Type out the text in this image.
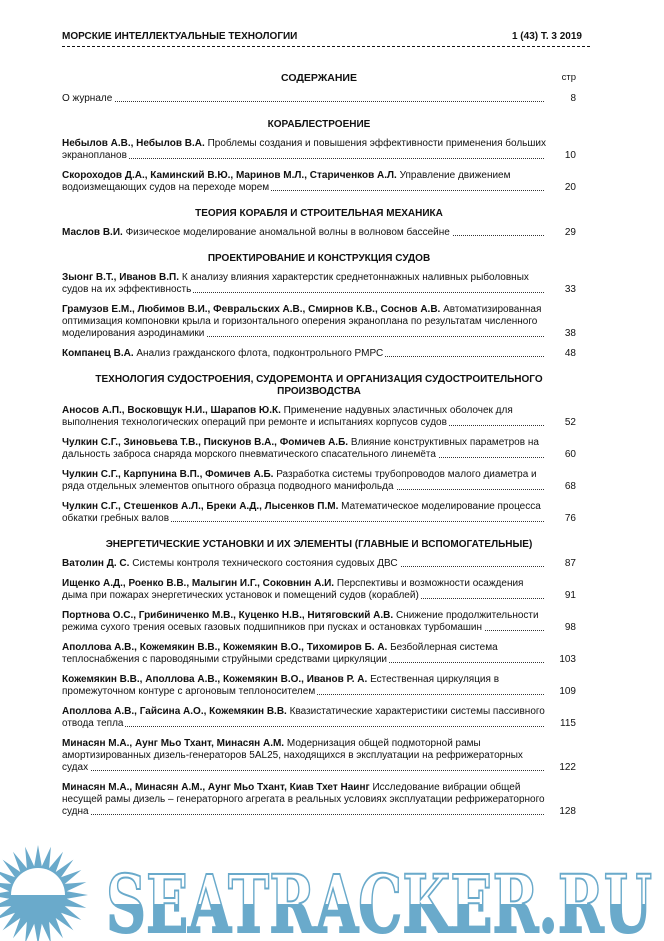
МОРСКИЕ ИНТЕЛЛЕКТУАЛЬНЫЕ ТЕХНОЛОГИИ	1 (43) Т. 3 2019
СОДЕРЖАНИЕ	стр
О журнале	8
КОРАБЛЕСТРОЕНИЕ
Небылов А.В., Небылов В.А. Проблемы создания и повышения эффективности применения больших экранопланов	10
Скороходов Д.А., Каминский В.Ю., Маринов М.Л., Стариченков А.Л. Управление движением водоизмещающих судов на переходе морем	20
ТЕОРИЯ КОРАБЛЯ И СТРОИТЕЛЬНАЯ МЕХАНИКА
Маслов В.И. Физическое моделирование аномальной волны в волновом бассейне	29
ПРОЕКТИРОВАНИЕ И КОНСТРУКЦИЯ СУДОВ
Зыонг В.Т., Иванов В.П. К анализу влияния характерстик среднетоннажных наливных рыболовных судов на их эффективность	33
Грамузов Е.М., Любимов В.И., Февральских А.В., Смирнов К.В., Соснов А.В. Автоматизированная оптимизация компоновки крыла и горизонтального оперения экраноплана по результатам численного моделирования аэродинамики	38
Компанец В.А. Анализ гражданского флота, подконтрольного РМРС	48
ТЕХНОЛОГИЯ СУДОСТРОЕНИЯ, СУДОРЕМОНТА И ОРГАНИЗАЦИЯ СУДОСТРОИТЕЛЬНОГО ПРОИЗВОДСТВА
Аносов А.П., Восковщук Н.И., Шарапов Ю.К. Применение надувных эластичных оболочек для выполнения технологических операций при ремонте и испытаниях корпусов судов	52
Чулкин С.Г., Зиновьева Т.В., Пискунов В.А., Фомичев А.Б. Влияние конструктивных параметров на дальность заброса снаряда морского пневматического спасательного линемёта	60
Чулкин С.Г., Карпунина В.П., Фомичев А.Б. Разработка системы трубопроводов малого диаметра и ряда отдельных элементов опытного образца подводного манифольда	68
Чулкин С.Г., Стешенков А.Л., Бреки А.Д., Лысенков П.М. Математическое моделирование процесса обкатки гребных валов	76
ЭНЕРГЕТИЧЕСКИЕ УСТАНОВКИ И ИХ ЭЛЕМЕНТЫ (ГЛАВНЫЕ И ВСПОМОГАТЕЛЬНЫЕ)
Ватолин Д. С. Системы контроля технического состояния судовых ДВС	87
Ищенко А.Д., Роенко В.В., Малыгин И.Г., Соковнин А.И. Перспективы и возможности осаждения дыма при пожарах энергетических установок и помещений судов (кораблей)	91
Портнова О.С., Грибиниченко М.В., Куценко Н.В., Нитяговский А.В. Снижение продолжительности режима сухого трения осевых газовых подшипников при пусках и остановках турбомашин	98
Аполлова А.В., Кожемякин В.В., Кожемякин В.О., Тихомиров Б. А. Безбойлерная система теплоснабжения с пароводяными струйными средствами циркуляции	103
Кожемякин В.В., Аполлова А.В., Кожемякин В.О., Иванов Р. А. Естественная циркуляция в промежуточном контуре с аргоновым теплоносителем	109
Аполлова А.В., Гайсина А.О., Кожемякин В.В. Квазистатические характеристики системы пассивного отвода тепла	115
Минасян М.А., Аунг Мьо Тхант, Минасян А.М. Модернизация общей подмоторной рамы амортизированных дизель-генераторов 5AL25, находящихся в эксплуатации на рефрижераторных судах	122
Минасян М.А., Минасян А.М., Аунг Мьо Тхант, Киав Тхет Наинг Исследование вибрации общей несущей рамы дизель – генераторного агрегата в реальных условиях эксплуатации рефрижераторного судна	128
SEATRACKER.RU
